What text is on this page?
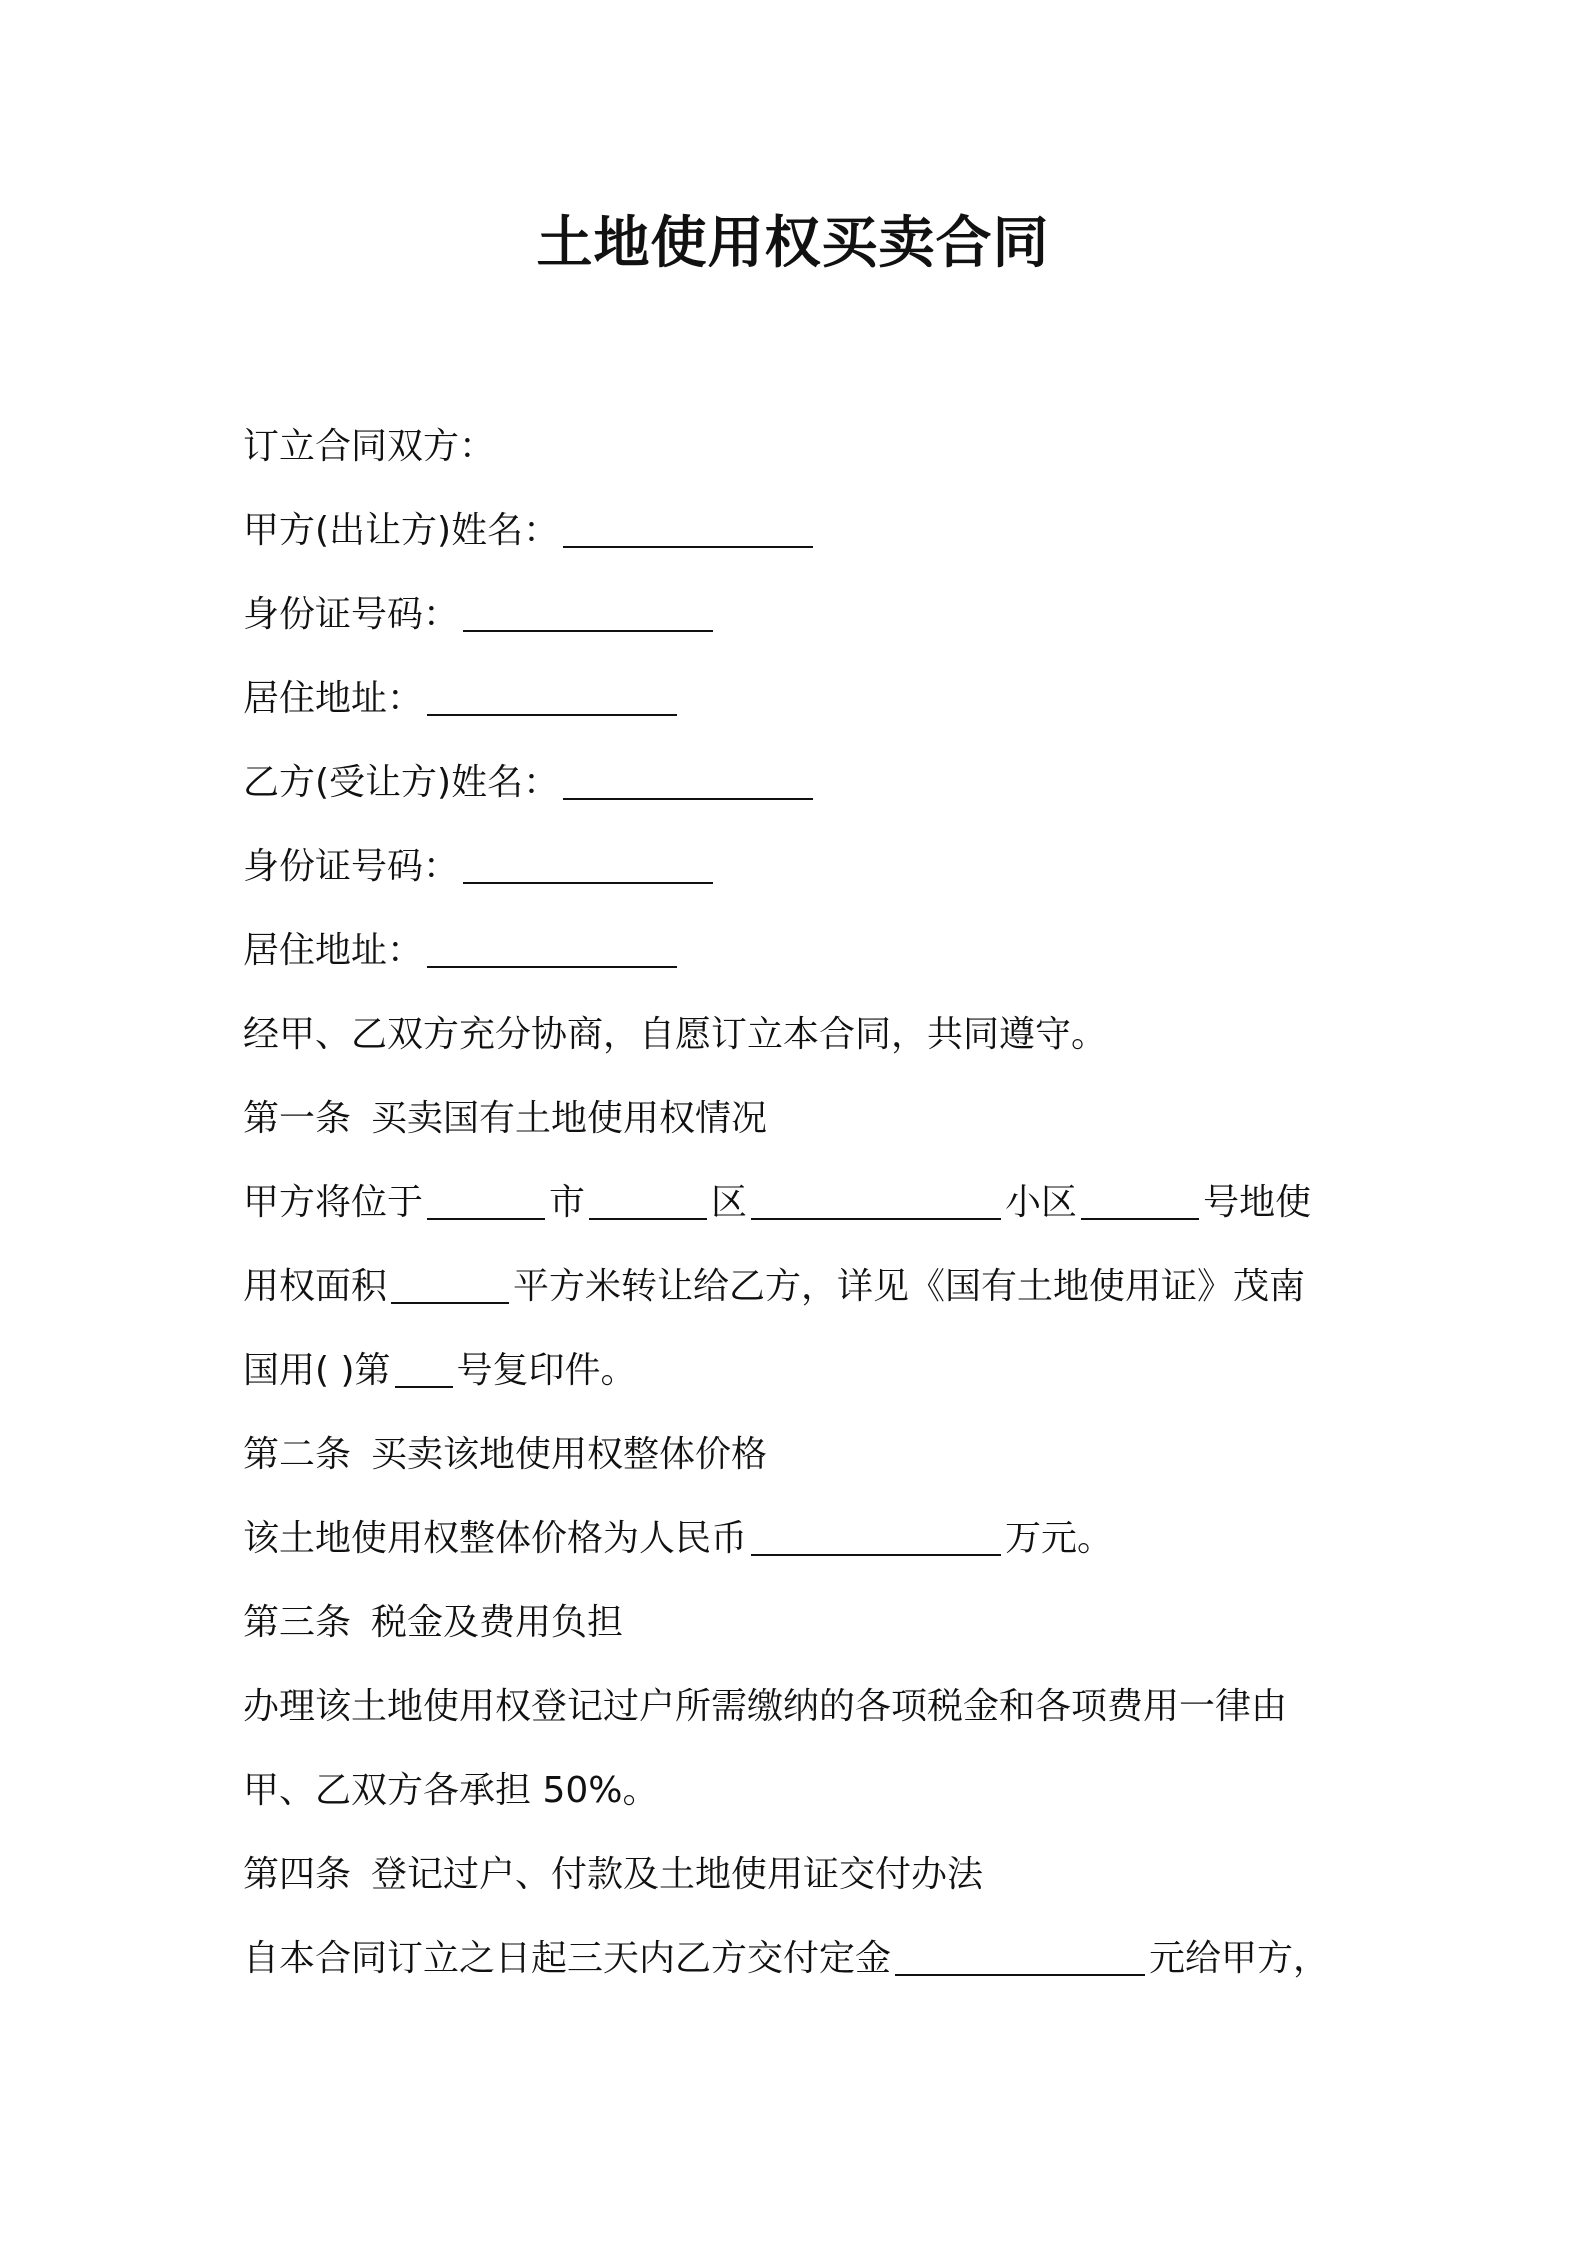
土地使用权买卖合同

订立合同双方：

甲方(出让方)姓名：

身份证号码：

居住地址：

乙方(受让方)姓名：

身份证号码：

居住地址：

经甲、乙双方充分协商，自愿订立本合同，共同遵守。

第一条 买卖国有土地使用权情况

甲方将位于	市	区	小区	号地使

用权面积	平方米转让给乙方，详见《国有土地使用证》茂南

国用( )第 号复印件。

第二条 买卖该地使用权整体价格

该土地使用权整体价格为人民币	万元。

第三条 税金及费用负担

办理该土地使用权登记过户所需缴纳的各项税金和各项费用一律由

甲、乙双方各承担 50%。

第四条 登记过户、付款及土地使用证交付办法

自本合同订立之日起三天内乙方交付定金	元给甲方，
